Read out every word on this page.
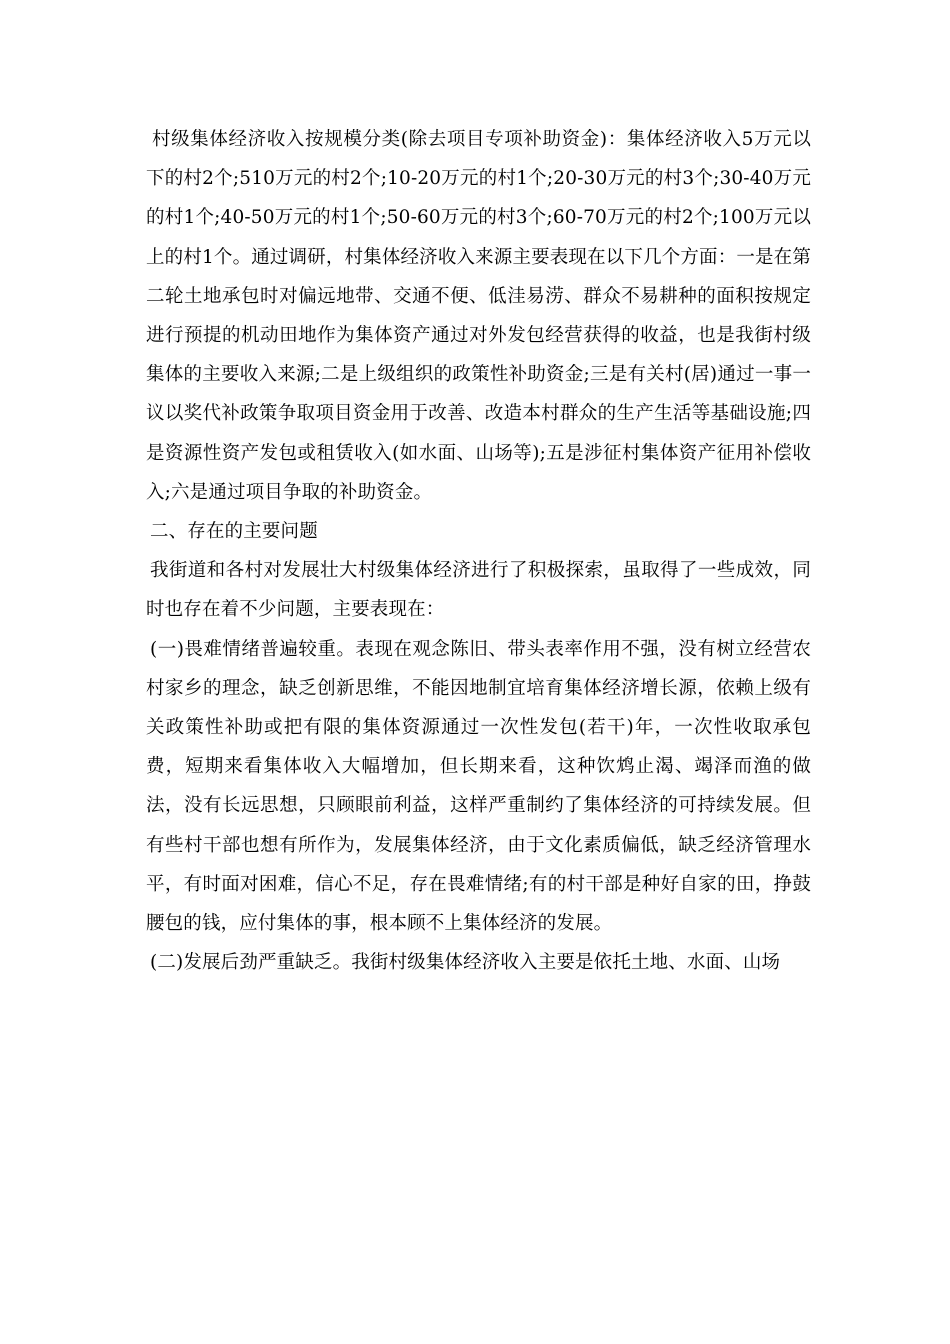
村级集体经济收入按规模分类(除去项目专项补助资金)：集体经济收入5万元以下的村2个;510万元的村2个;10-20万元的村1个;20-30万元的村3个;30-40万元的村1个;40-50万元的村1个;50-60万元的村3个;60-70万元的村2个;100万元以上的村1个。通过调研，村集体经济收入来源主要表现在以下几个方面：一是在第二轮土地承包时对偏远地带、交通不便、低洼易涝、群众不易耕种的面积按规定进行预提的机动田地作为集体资产通过对外发包经营获得的收益，也是我街村级集体的主要收入来源;二是上级组织的政策性补助资金;三是有关村(居)通过一事一议以奖代补政策争取项目资金用于改善、改造本村群众的生产生活等基础设施;四是资源性资产发包或租赁收入(如水面、山场等);五是涉征村集体资产征用补偿收入;六是通过项目争取的补助资金。

二、存在的主要问题

我街道和各村对发展壮大村级集体经济进行了积极探索，虽取得了一些成效，同时也存在着不少问题，主要表现在：

(一)畏难情绪普遍较重。表现在观念陈旧、带头表率作用不强，没有树立经营农村家乡的理念，缺乏创新思维，不能因地制宜培育集体经济增长源，依赖上级有关政策性补助或把有限的集体资源通过一次性发包(若干)年，一次性收取承包费，短期来看集体收入大幅增加，但长期来看，这种饮鸩止渴、竭泽而渔的做法，没有长远思想，只顾眼前利益，这样严重制约了集体经济的可持续发展。但有些村干部也想有所作为，发展集体经济，由于文化素质偏低，缺乏经济管理水平，有时面对困难，信心不足，存在畏难情绪;有的村干部是种好自家的田，挣鼓腰包的钱，应付集体的事，根本顾不上集体经济的发展。

(二)发展后劲严重缺乏。我街村级集体经济收入主要是依托土地、水面、山场
